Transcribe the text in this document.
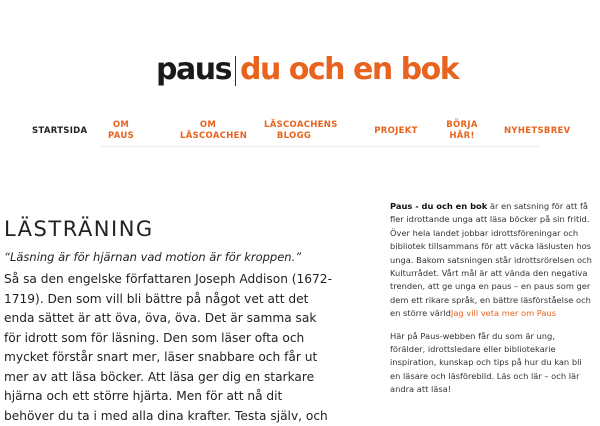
paus du och en bok
STARTSIDA
OM PAUS
OM LÄSCOACHEN
LÄSCOACHENS BLOGG	PROJEKT
BÖRJA HÄR!	NYHETSBREV
LÄSTRÄNING
“Läsning är för hjärnan vad motion är för kroppen.”
Så sa den engelske författaren Joseph Addison (1672-1719). Den som vill bli bättre på något vet att det enda sättet är att öva, öva, öva. Det är samma sak för idrott som för läsning. Den som läser ofta och mycket förstår snart mer, läser snabbare och får ut mer av att läsa böcker. Att läsa ger dig en starkare hjärna och ett större hjärta. Men för att nå dit behöver du ta i med alla dina krafter. Testa själv, och

Paus - du och en bok är en satsning för att få fler idrottande unga att läsa böcker på sin fritid. Över hela landet jobbar idrottsföreningar och bibliotek tillsammans för att väcka läslusten hos unga. Bakom satsningen står idrottsrörelsen och Kulturrådet. Vårt mål är att vända den negativa trenden, att ge unga en paus – en paus som ger dem ett rikare språk, en bättre läsförståelse och en större världJag vill veta mer om Paus

Här på Paus-webben får du som är ung, förälder, idrottsledare eller bibliotekarie inspiration, kunskap och tips på hur du kan bli en läsare och läsförebild. Läs och lär – och lär andra att läsa!
